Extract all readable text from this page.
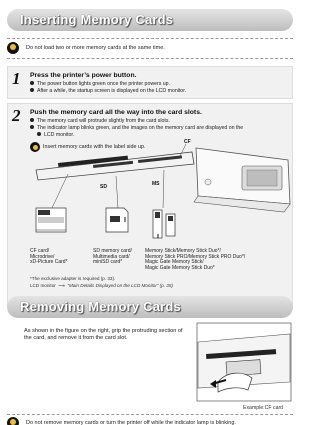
Inserting Memory Cards
Do not load two or more memory cards at the same time.
1 Press the printer’s power button.
The power button lights green once the printer powers up.
After a while, the startup screen is displayed on the LCD monitor.
2 Push the memory card all the way into the card slots.
The memory card will protrude slightly from the card slots.
The indicator lamp blinks green, and the images on the memory card are displayed on the
LCD monitor.
Insert memory cards with the label side up.
SD	MS
CF
CF card/
Microdrive/
xD-Picture Card*
SD memory card/
Multimedia card/
miniSD card*
Memory Stick/Memory Stick Duo*/
Memory Stick PRO/Memory Stick PRO Duo*/
Magic Gate Memory Stick/
Magic Gate Memory Stick Duo*
*The exclusive adapter is required (p. 33).
LCD monitor  ⟶  “Main Details Displayed on the LCD Monitor” (p. 35)
Removing Memory Cards
As shown in the figure on the right, grip the protruding section of the card, and remove it from the card slot.
Example:CF card
Do not remove memory cards or turn the printer off while the indicator lamp is blinking.
